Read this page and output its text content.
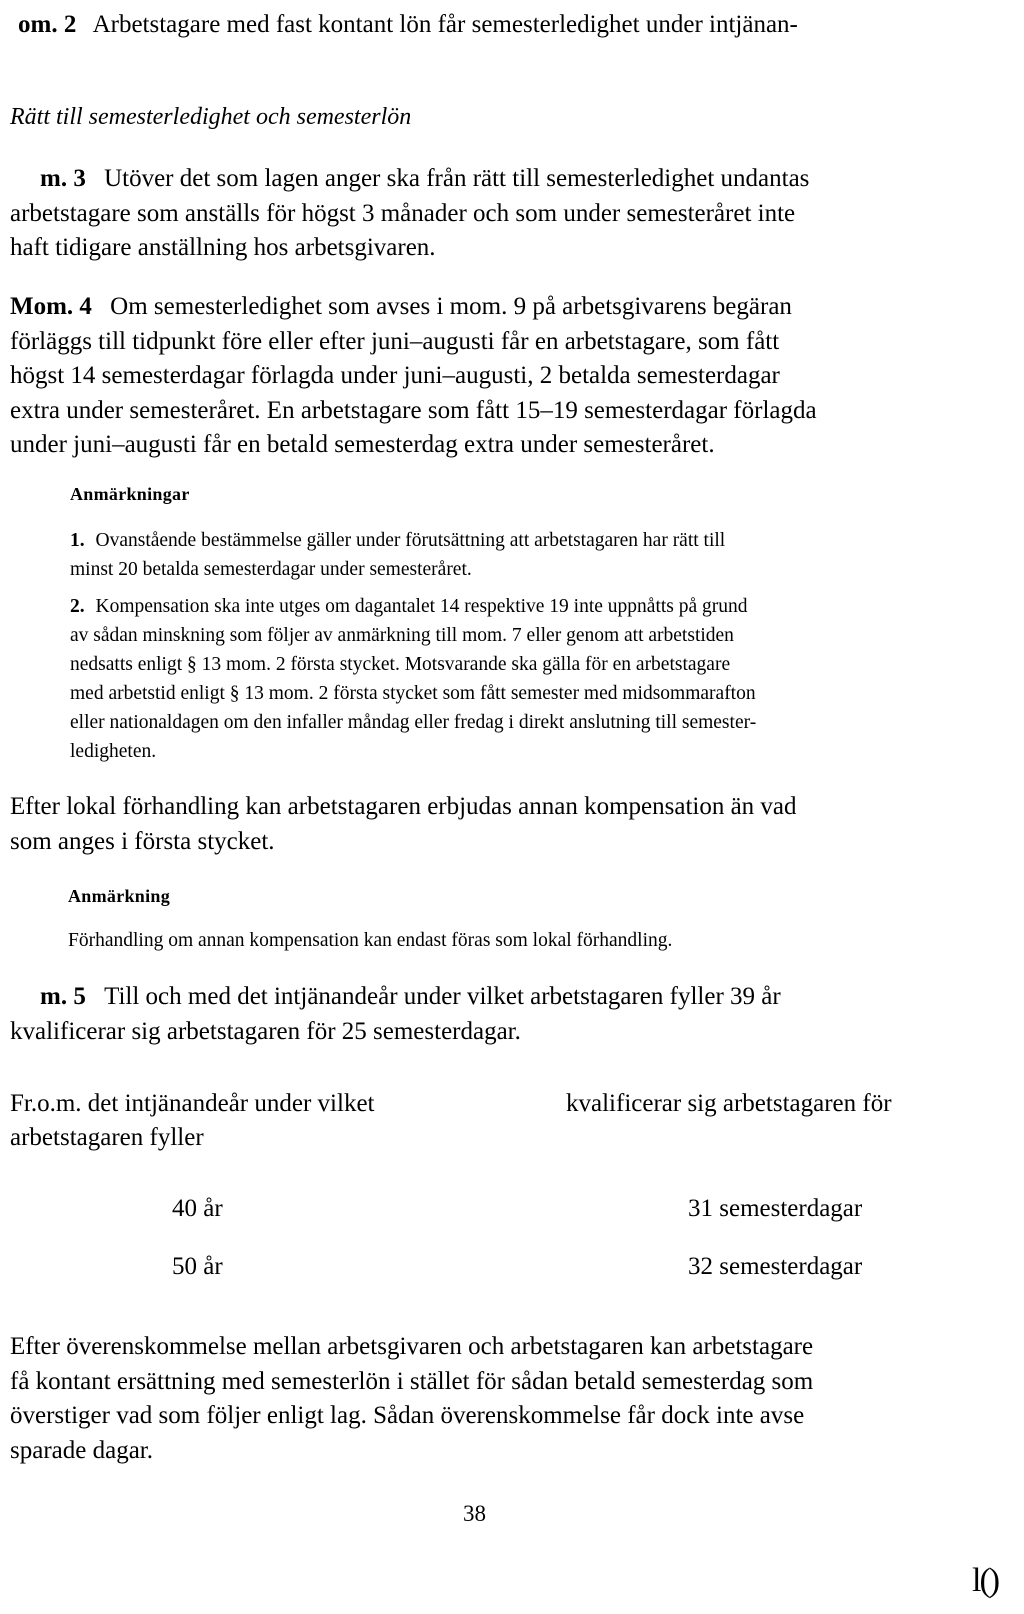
om. 2 Arbetstagare med fast kontant lön får semesterledighet under intjänan-
Rätt till semesterledighet och semesterlön
m. 3 Utöver det som lagen anger ska från rätt till semesterledighet undantas
arbetstagare som anställs för högst 3 månader och som under semesteråret inte
haft tidigare anställning hos arbetsgivaren.
Mom. 4 Om semesterledighet som avses i mom. 9 på arbetsgivarens begäran
förläggs till tidpunkt före eller efter juni–augusti får en arbetstagare, som fått
högst 14 semesterdagar förlagda under juni–augusti, 2 betalda semesterdagar
extra under semesteråret. En arbetstagare som fått 15–19 semesterdagar förlagda
under juni–augusti får en betald semesterdag extra under semesteråret.
Anmärkningar
1. Ovanstående bestämmelse gäller under förutsättning att arbetstagaren har rätt till
minst 20 betalda semesterdagar under semesteråret.
2. Kompensation ska inte utges om dagantalet 14 respektive 19 inte uppnåtts på grund
av sådan minskning som följer av anmärkning till mom. 7 eller genom att arbetstiden
nedsatts enligt § 13 mom. 2 första stycket. Motsvarande ska gälla för en arbetstagare
med arbetstid enligt § 13 mom. 2 första stycket som fått semester med midsommarafton
eller nationaldagen om den infaller måndag eller fredag i direkt anslutning till semester-
ledigheten.
Efter lokal förhandling kan arbetstagaren erbjudas annan kompensation än vad
som anges i första stycket.
Anmärkning
Förhandling om annan kompensation kan endast föras som lokal förhandling.
m. 5 Till och med det intjänandeår under vilket arbetstagaren fyller 39 år
kvalificerar sig arbetstagaren för 25 semesterdagar.
Fr.o.m. det intjänandeår under vilket
arbetstagaren fyller
kvalificerar sig arbetstagaren för
40 år	31 semesterdagar
50 år	32 semesterdagar
Efter överenskommelse mellan arbetsgivaren och arbetstagaren kan arbetstagare
få kontant ersättning med semesterlön i stället för sådan betald semesterdag som
överstiger vad som följer enligt lag. Sådan överenskommelse får dock inte avse
sparade dagar.
38
l()
